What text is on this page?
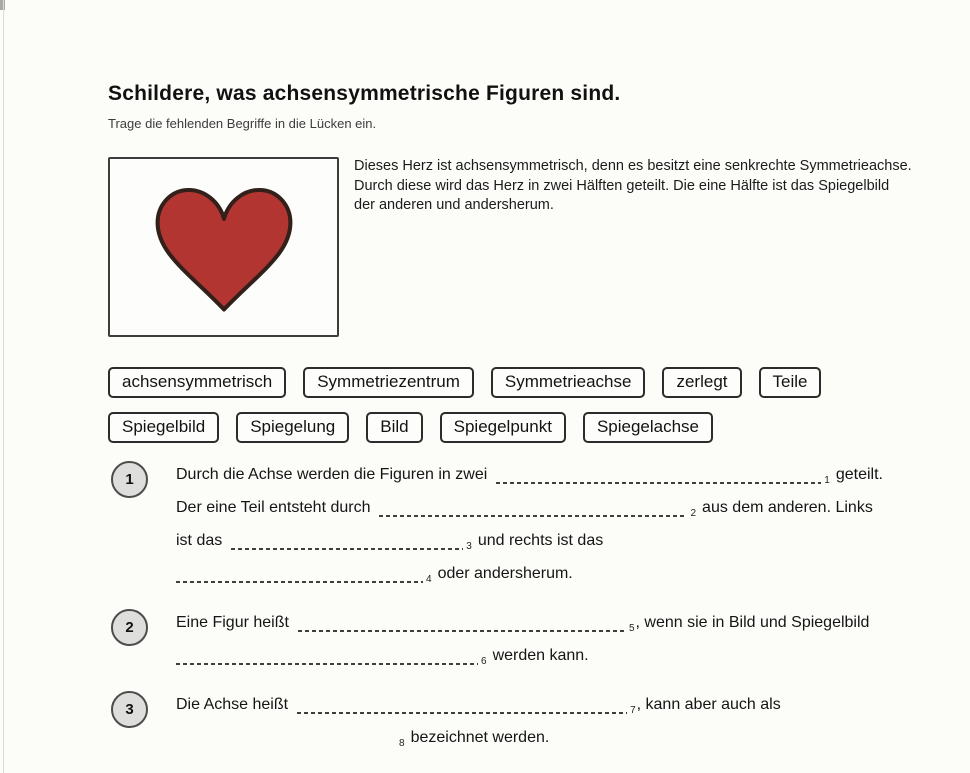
Schildere, was achsensymmetrische Figuren sind.

Trage die fehlenden Begriffe in die Lücken ein.

Dieses Herz ist achsensymmetrisch, denn es besitzt eine senkrechte Symmetrieachse.

Durch diese wird das Herz in zwei Hälften geteilt. Die eine Hälfte ist das Spiegelbild der anderen und andersherum.

achsensymmetrisch	Symmetriezentrum	Symmetrieachse	zerlegt	Teile
Spiegelbild	Spiegelung	Bild	Spiegelpunkt	Spiegelachse
1	Durch die Achse werden die Figuren in zwei	$_1$ geteilt.
Der eine Teil entsteht durch	$_2$ aus dem anderen. Links
ist das	$_3$ und rechts ist das
$_4$ oder andersherum.
2	Eine Figur heißt	$_5$, wenn sie in Bild und Spiegelbild
$_6$ werden kann.
3	Die Achse heißt	$_7$, kann aber auch als
$_8$ bezeichnet werden.
